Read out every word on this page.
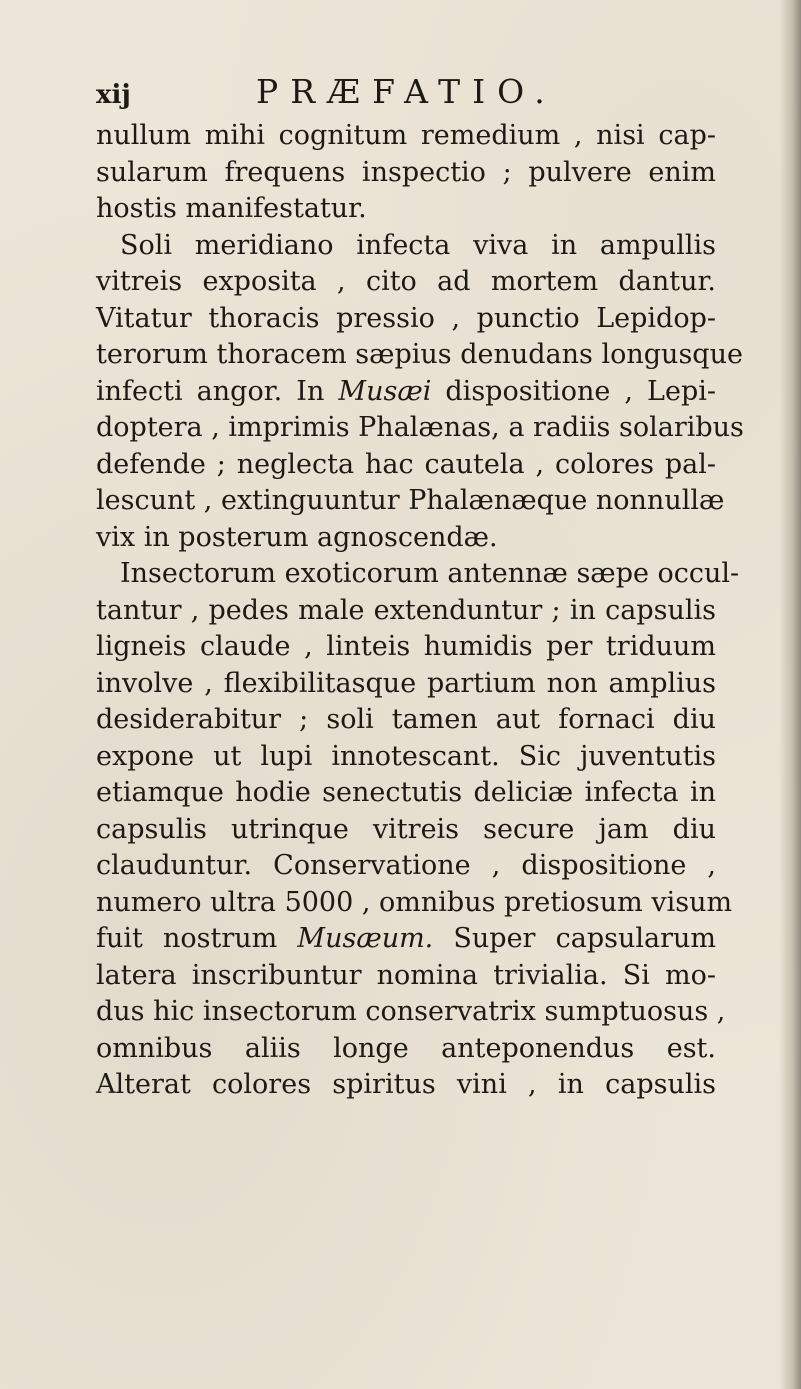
xij	PRÆFATIO.
nullum mihi cognitum remedium , nisi cap-
sularum frequens inspectio ; pulvere enim
hostis manifestatur.
Soli meridiano infecta viva in ampullis
vitreis exposita , cito ad mortem dantur.
Vitatur thoracis pressio , punctio Lepidop-
terorum thoracem sæpius denudans longusque
infecti angor. In Musæi dispositione , Lepi-
doptera , imprimis Phalænas, a radiis solaribus
defende ; neglecta hac cautela , colores pal-
lescunt , extinguuntur Phalænæque nonnullæ
vix in posterum agnoscendæ.
Insectorum exoticorum antennæ sæpe occul-
tantur , pedes male extenduntur ; in capsulis
ligneis claude , linteis humidis per triduum
involve , flexibilitasque partium non amplius
desiderabitur ; soli tamen aut fornaci diu
expone ut lupi innotescant. Sic juventutis
etiamque hodie senectutis deliciæ infecta in
capsulis utrinque vitreis secure jam diu
clauduntur. Conservatione , dispositione ,
numero ultra 5000 , omnibus pretiosum visum
fuit nostrum Musæum. Super capsularum
latera inscribuntur nomina trivialia. Si mo-
dus hic insectorum conservatrix sumptuosus ,
omnibus aliis longe anteponendus est.
Alterat colores spiritus vini , in capsulis
